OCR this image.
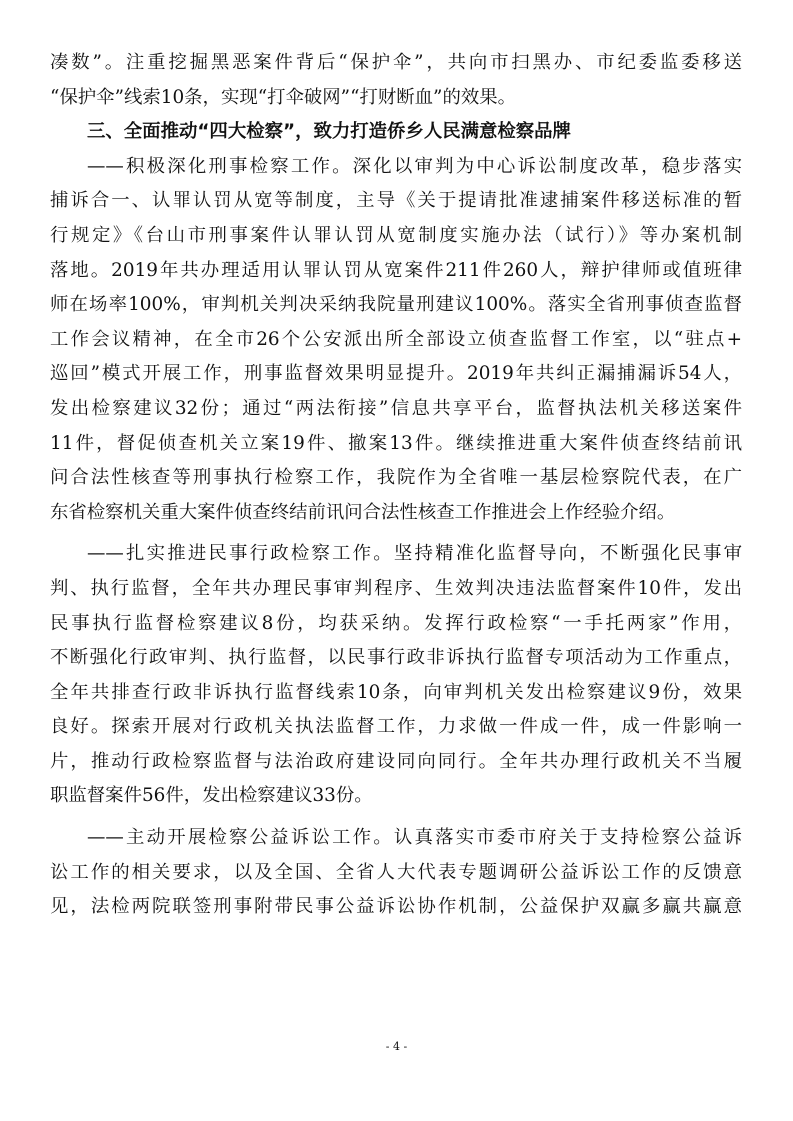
凑数”。注重挖掘黑恶案件背后“保护伞”，共向市扫黑办、市纪委监委移送
“保护伞”线索10条，实现“打伞破网”“打财断血”的效果。
三、全面推动“四大检察”，致力打造侨乡人民满意检察品牌
——积极深化刑事检察工作。深化以审判为中心诉讼制度改革，稳步落实
捕诉合一、认罪认罚从宽等制度，主导《关于提请批准逮捕案件移送标准的暂
行规定》《台山市刑事案件认罪认罚从宽制度实施办法（试行）》等办案机制
落地。2019年共办理适用认罪认罚从宽案件211件260人，辩护律师或值班律
师在场率100%，审判机关判决采纳我院量刑建议100%。落实全省刑事侦查监督
工作会议精神，在全市26个公安派出所全部设立侦查监督工作室，以“驻点+
巡回”模式开展工作，刑事监督效果明显提升。2019年共纠正漏捕漏诉54人，
发出检察建议32份；通过“两法衔接”信息共享平台，监督执法机关移送案件
11件，督促侦查机关立案19件、撤案13件。继续推进重大案件侦查终结前讯
问合法性核查等刑事执行检察工作，我院作为全省唯一基层检察院代表，在广
东省检察机关重大案件侦查终结前讯问合法性核查工作推进会上作经验介绍。
——扎实推进民事行政检察工作。坚持精准化监督导向，不断强化民事审
判、执行监督，全年共办理民事审判程序、生效判决违法监督案件10件，发出
民事执行监督检察建议8份，均获采纳。发挥行政检察“一手托两家”作用，
不断强化行政审判、执行监督，以民事行政非诉执行监督专项活动为工作重点，
全年共排查行政非诉执行监督线索10条，向审判机关发出检察建议9份，效果
良好。探索开展对行政机关执法监督工作，力求做一件成一件，成一件影响一
片，推动行政检察监督与法治政府建设同向同行。全年共办理行政机关不当履
职监督案件56件，发出检察建议33份。
——主动开展检察公益诉讼工作。认真落实市委市府关于支持检察公益诉
讼工作的相关要求，以及全国、全省人大代表专题调研公益诉讼工作的反馈意
见，法检两院联签刑事附带民事公益诉讼协作机制，公益保护双赢多赢共赢意
- 4 -
